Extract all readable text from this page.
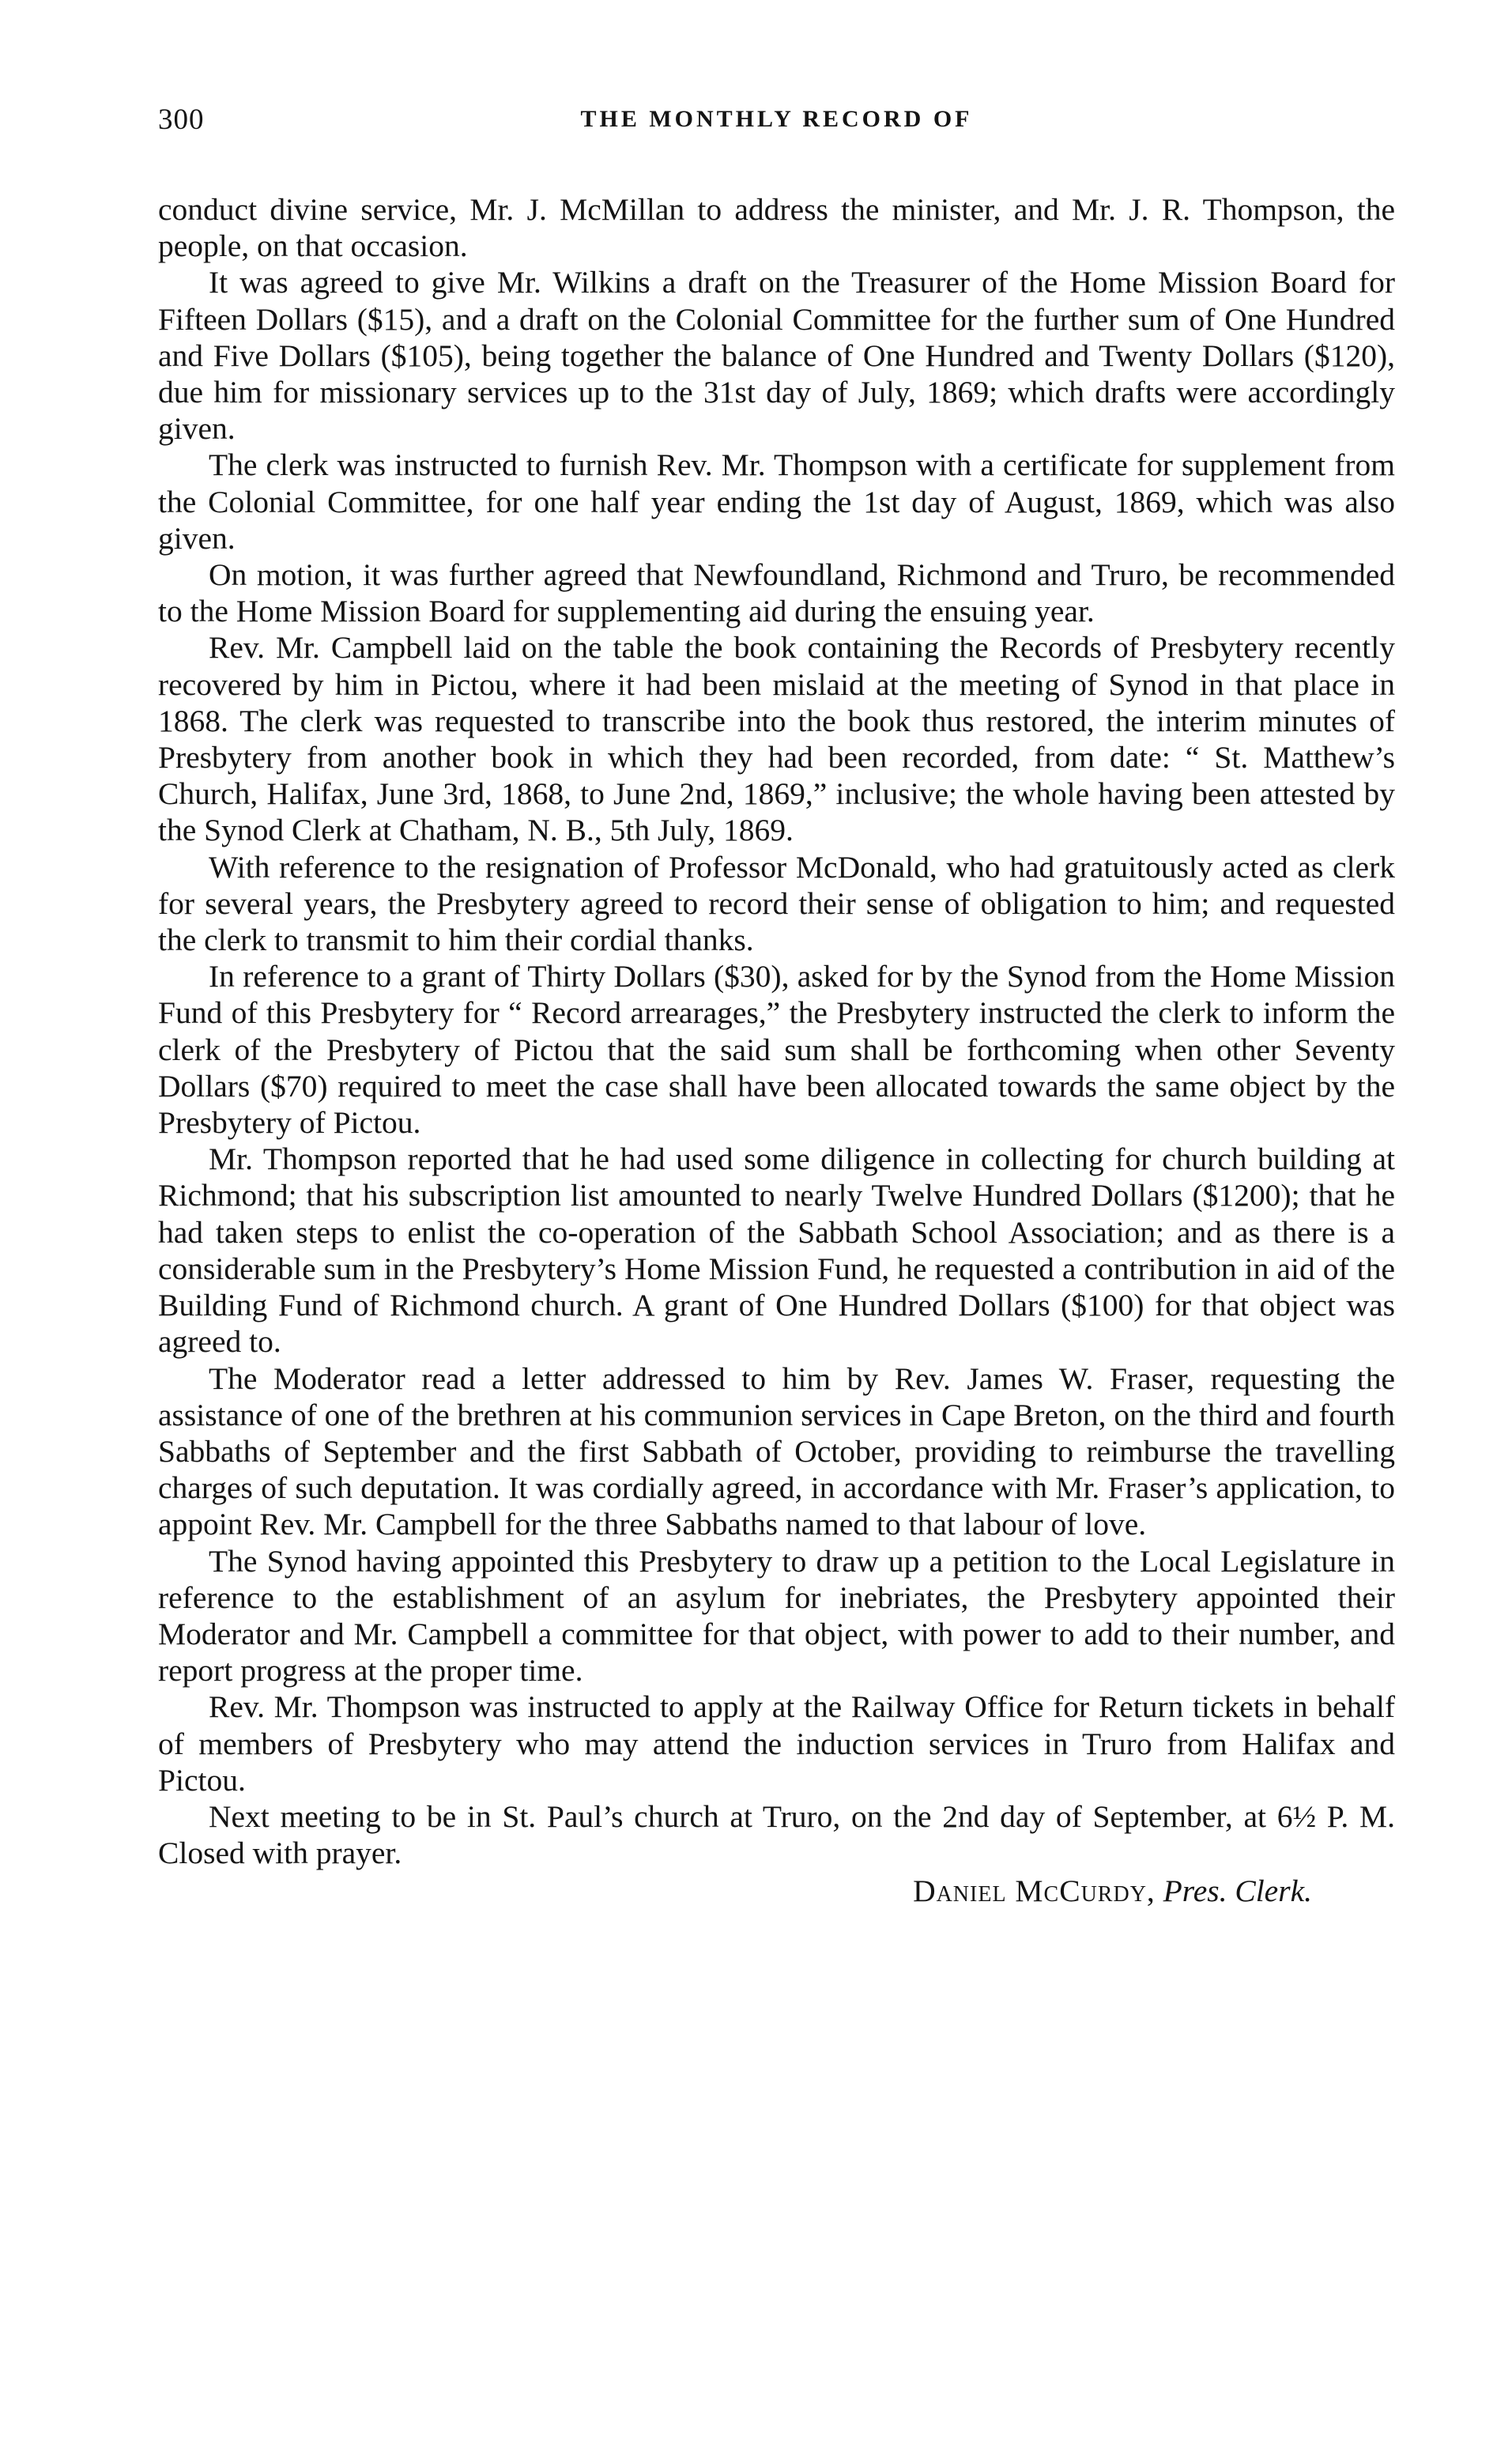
300	THE MONTHLY RECORD OF

conduct divine service, Mr. J. McMillan to address the minister, and Mr. J. R. Thompson, the people, on that occasion.

It was agreed to give Mr. Wilkins a draft on the Treasurer of the Home Mission Board for Fifteen Dollars ($15), and a draft on the Colonial Committee for the further sum of One Hundred and Five Dollars ($105), being together the balance of One Hundred and Twenty Dollars ($120), due him for missionary services up to the 31st day of July, 1869; which drafts were accordingly given.

The clerk was instructed to furnish Rev. Mr. Thompson with a certificate for supplement from the Colonial Committee, for one half year ending the 1st day of August, 1869, which was also given.

On motion, it was further agreed that Newfoundland, Richmond and Truro, be recommended to the Home Mission Board for supplementing aid during the ensuing year.

Rev. Mr. Campbell laid on the table the book containing the Records of Presbytery recently recovered by him in Pictou, where it had been mislaid at the meeting of Synod in that place in 1868. The clerk was requested to transcribe into the book thus restored, the interim minutes of Presbytery from another book in which they had been recorded, from date: “ St. Matthew’s Church, Halifax, June 3rd, 1868, to June 2nd, 1869,” inclusive; the whole having been attested by the Synod Clerk at Chatham, N. B., 5th July, 1869.

With reference to the resignation of Professor McDonald, who had gratuitously acted as clerk for several years, the Presbytery agreed to record their sense of obligation to him; and requested the clerk to transmit to him their cordial thanks.

In reference to a grant of Thirty Dollars ($30), asked for by the Synod from the Home Mission Fund of this Presbytery for “ Record arrearages,” the Presbytery instructed the clerk to inform the clerk of the Presbytery of Pictou that the said sum shall be forthcoming when other Seventy Dollars ($70) required to meet the case shall have been allocated towards the same object by the Presbytery of Pictou.

Mr. Thompson reported that he had used some diligence in collecting for church building at Richmond; that his subscription list amounted to nearly Twelve Hundred Dollars ($1200); that he had taken steps to enlist the co-operation of the Sabbath School Association; and as there is a considerable sum in the Presbytery’s Home Mission Fund, he requested a contribution in aid of the Building Fund of Richmond church. A grant of One Hundred Dollars ($100) for that object was agreed to.

The Moderator read a letter addressed to him by Rev. James W. Fraser, requesting the assistance of one of the brethren at his communion services in Cape Breton, on the third and fourth Sabbaths of September and the first Sabbath of October, providing to reimburse the travelling charges of such deputation. It was cordially agreed, in accordance with Mr. Fraser’s application, to appoint Rev. Mr. Campbell for the three Sabbaths named to that labour of love.

The Synod having appointed this Presbytery to draw up a petition to the Local Legislature in reference to the establishment of an asylum for inebriates, the Presbytery appointed their Moderator and Mr. Campbell a committee for that object, with power to add to their number, and report progress at the proper time.

Rev. Mr. Thompson was instructed to apply at the Railway Office for Return tickets in behalf of members of Presbytery who may attend the induction services in Truro from Halifax and Pictou.

Next meeting to be in St. Paul’s church at Truro, on the 2nd day of September, at 6½ P. M. Closed with prayer.

Daniel McCurdy, Pres. Clerk.
